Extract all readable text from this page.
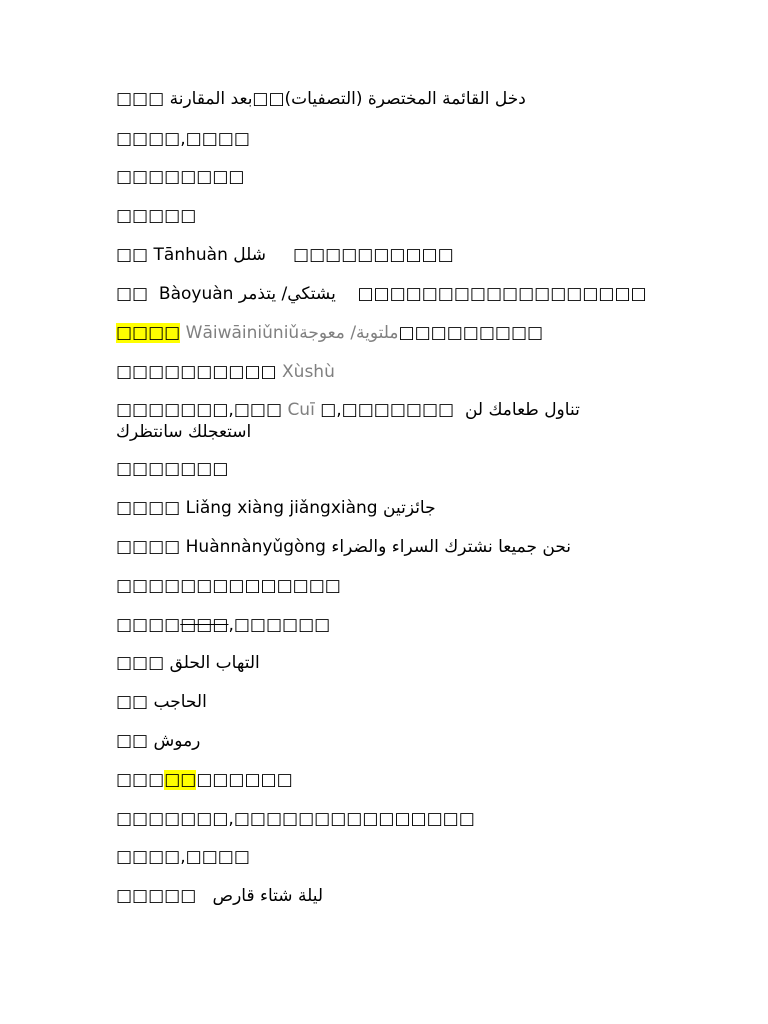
□□□ دخل القائمة المختصرة (التصفيات)□□بعد المقارنة
□□□□,□□□□
□□□□□□□□
□□□□□
□□ Tānhuàn شلل     □□□□□□□□□□
□□  Bàoyuàn يشتكي/ يتذمر    □□□□□□□□□□□□□□□□□□
□□□□ Wāiwāiniǔniǔملتوية/ معوجة□□□□□□□□□
□□□□□□□□□□ Xùshù
□□□□□□□,□□□ Cuī □,□□□□□□□  تناول طعامك لن استعجلك سانتظرك
□□□□□□□
□□□□ Liǎng xiàng jiǎngxiàng جائزتين
□□□□ Huànnànyǔgòng نحن جميعا نشترك السراء والضراء
□□□□□□□□□□□□□□
□□□□□□□,□□□□□□
□□□ التهاب الحلق
□□ الحاجب
□□ رموش
□□□□□□□□□□□
□□□□□□□,□□□□□□□□□□□□□□□
□□□□,□□□□
□□□□□   ليلة شتاء قارص
